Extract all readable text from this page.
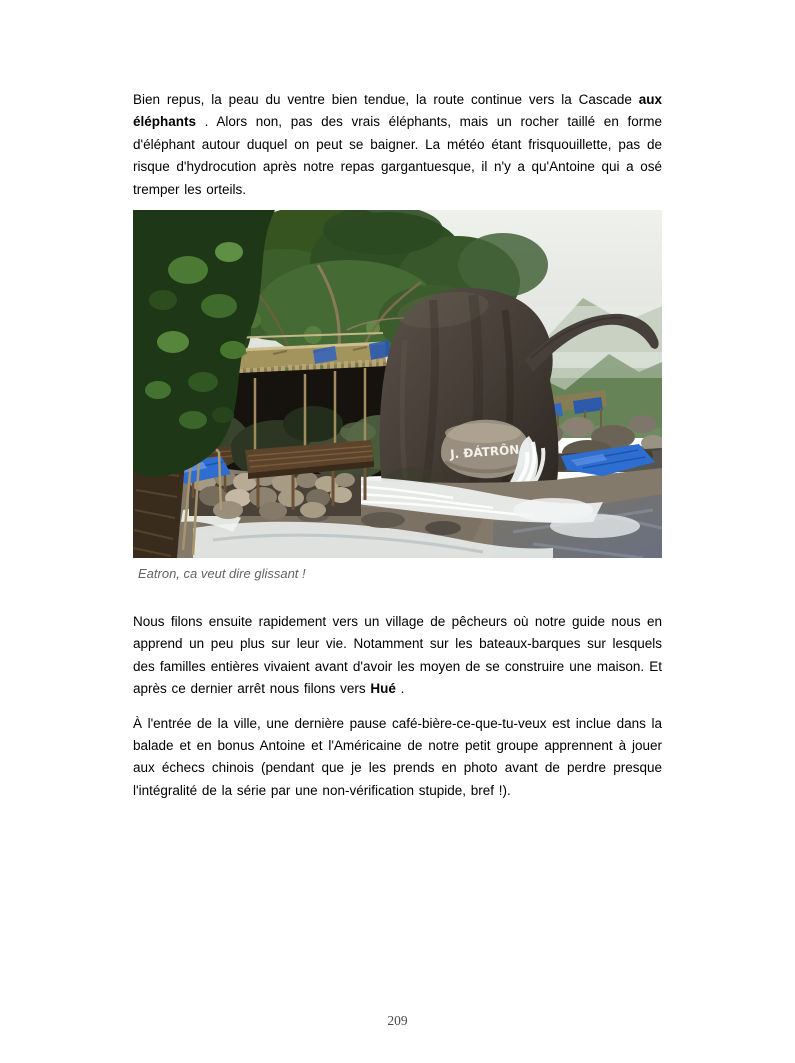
Bien repus, la peau du ventre bien tendue, la route continue vers la Cascade aux éléphants . Alors non, pas des vrais éléphants, mais un rocher taillé en forme d'éléphant autour duquel on peut se baigner. La météo étant frisquouillette, pas de risque d'hydrocution après notre repas gargantuesque, il n'y a qu'Antoine qui a osé tremper les orteils.

J. ĐÁTRÔN
Eatron, ca veut dire glissant !

Nous filons ensuite rapidement vers un village de pêcheurs où notre guide nous en apprend un peu plus sur leur vie. Notamment sur les bateaux-barques sur lesquels des familles entières vivaient avant d'avoir les moyen de se construire une maison. Et après ce dernier arrêt nous filons vers Hué .

À l'entrée de la ville, une dernière pause café-bière-ce-que-tu-veux est inclue dans la balade et en bonus Antoine et l'Américaine de notre petit groupe apprennent à jouer aux échecs chinois (pendant que je les prends en photo avant de perdre presque l'intégralité de la série par une non-vérification stupide, bref !).

209
